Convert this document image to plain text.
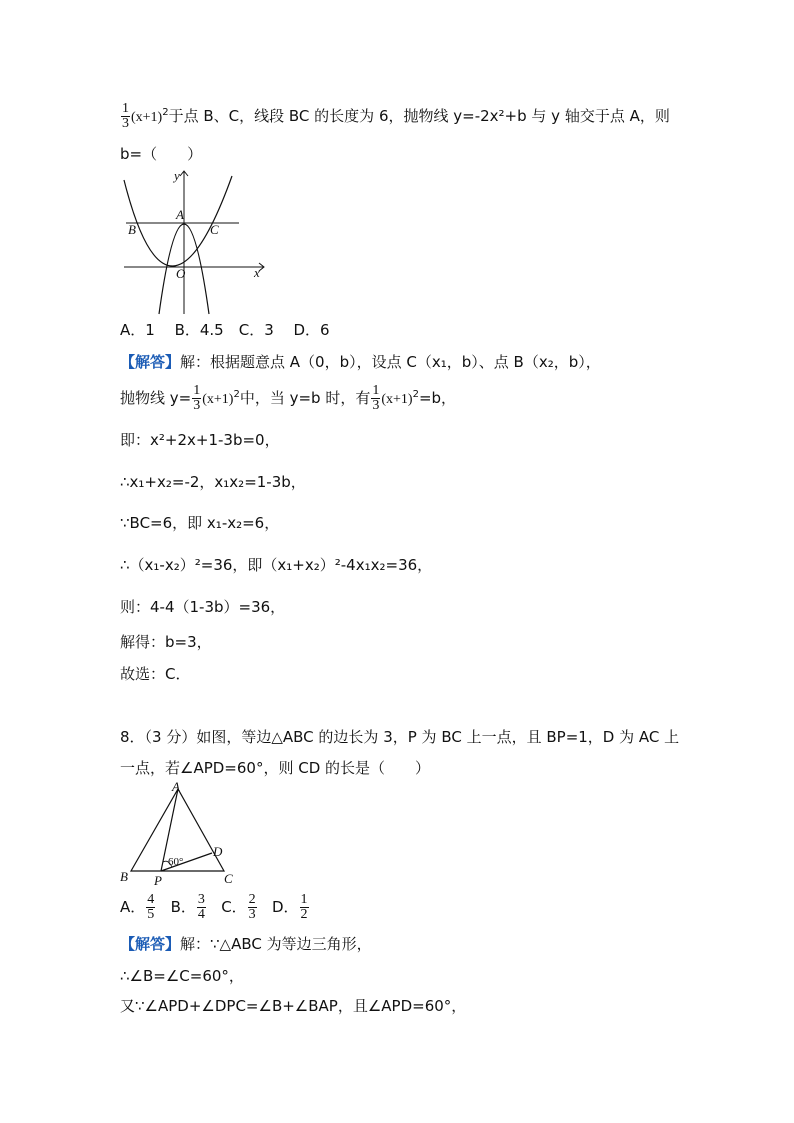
$\frac{1}{3} (x+1)^2$于点 B、C，线段 BC 的长度为 6，抛物线 y=-2x²+b 与 y 轴交于点 A，则
b=（　　）
y
x
A
B	C
O
A．1　 B．4.5　C．3　 D．6
【解答】解：根据题意点 A（0，b），设点 C（x₁，b）、点 B（x₂，b），
抛物线 $y= \frac{1}{3} (x+1)^2$中，当 y=b 时，有 $\frac{1}{3} (x+1)^2=b$，
即：x²+2x+1-3b=0，
∴x₁+x₂=-2，x₁x₂=1-3b，
∵BC=6，即 x₁-x₂=6，
∴（x₁-x₂）²=36，即（x₁+x₂）²-4x₁x₂=36，
则：4-4（1-3b）=36，
解得：b=3，
故选：C．
8．（3 分）如图，等边△ABC 的边长为 3，P 为 BC 上一点，且 BP=1，D 为 AC 上
一点，若∠APD=60°，则 CD 的长是（　　）
A
B	C
P
D
60°
A． $\frac{4}{5}$ B． $\frac{3}{4}$ C． $\frac{2}{3}$ D． $\frac{1}{2}$
【解答】解：∵△ABC 为等边三角形，
∴∠B=∠C=60°，
又∵∠APD+∠DPC=∠B+∠BAP，且∠APD=60°，
